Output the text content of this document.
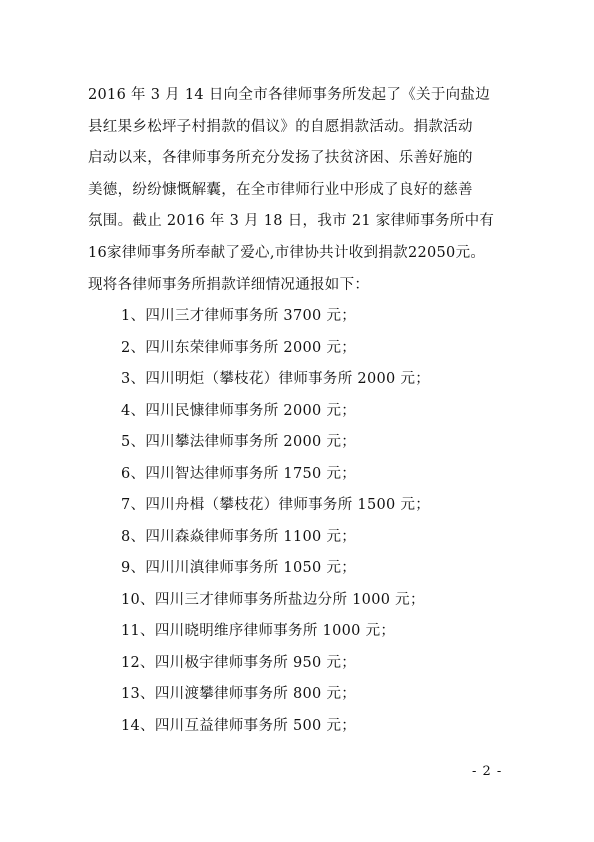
2016 年 3 月 14 日向全市各律师事务所发起了《关于向盐边
县红果乡松坪子村捐款的倡议》的自愿捐款活动。捐款活动
启动以来，各律师事务所充分发扬了扶贫济困、乐善好施的
美德，纷纷慷慨解囊，在全市律师行业中形成了良好的慈善
氛围。截止 2016 年 3 月 18 日，我市 21 家律师事务所中有
16家律师事务所奉献了爱心,市律协共计收到捐款22050元。
现将各律师事务所捐款详细情况通报如下：
1、四川三才律师事务所 3700 元；
2、四川东荣律师事务所 2000 元；
3、四川明炬（攀枝花）律师事务所 2000 元；
4、四川民慷律师事务所 2000 元；
5、四川攀法律师事务所 2000 元；
6、四川智达律师事务所 1750 元；
7、四川舟楫（攀枝花）律师事务所 1500 元；
8、四川森焱律师事务所 1100 元；
9、四川川滇律师事务所 1050 元；
10、四川三才律师事务所盐边分所 1000 元；
11、四川晓明维序律师事务所 1000 元；
12、四川极宇律师事务所 950 元；
13、四川渡攀律师事务所 800 元；
14、四川互益律师事务所 500 元；
- 2 -
